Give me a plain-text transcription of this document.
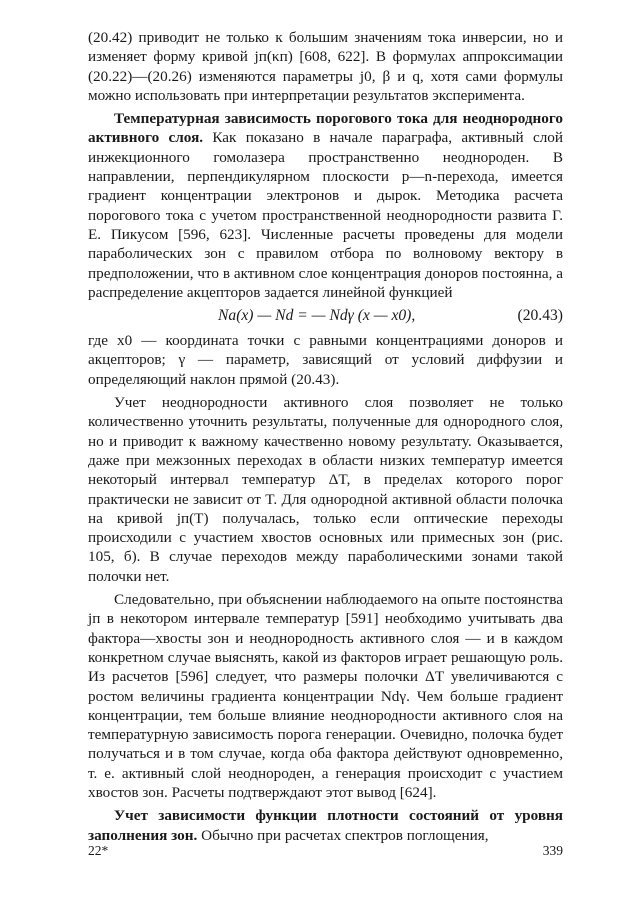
(20.42) приводит не только к большим значениям тока инверсии, но и изменяет форму кривой jп(κп) [608, 622]. В формулах аппроксимации (20.22)—(20.26) изменяются параметры j0, β и q, хотя сами формулы можно использовать при интерпретации результатов эксперимента.

Температурная зависимость порогового тока для неоднородного активного слоя. Как показано в начале параграфа, активный слой инжекционного гомолазера пространственно неоднороден. В направлении, перпендикулярном плоскости p—n-перехода, имеется градиент концентрации электронов и дырок. Методика расчета порогового тока с учетом пространственной неоднородности развита Г. Е. Пикусом [596, 623]. Численные расчеты проведены для модели параболических зон с правилом отбора по волновому вектору в предположении, что в активном слое концентрация доноров постоянна, а распределение акцепторов задается линейной функцией

Na(x) — Nd = — Ndγ (x — x0),	(20.43)

где x0 — координата точки с равными концентрациями доноров и акцепторов; γ — параметр, зависящий от условий диффузии и определяющий наклон прямой (20.43).

Учет неоднородности активного слоя позволяет не только количественно уточнить результаты, полученные для однородного слоя, но и приводит к важному качественно новому результату. Оказывается, даже при межзонных переходах в области низких температур имеется некоторый интервал температур ΔT, в пределах которого порог практически не зависит от T. Для однородной активной области полочка на кривой jп(T) получалась, только если оптические переходы происходили с участием хвостов основных или примесных зон (рис. 105, б). В случае переходов между параболическими зонами такой полочки нет.

Следовательно, при объяснении наблюдаемого на опыте постоянства jп в некотором интервале температур [591] необходимо учитывать два фактора—хвосты зон и неоднородность активного слоя — и в каждом конкретном случае выяснять, какой из факторов играет решающую роль. Из расчетов [596] следует, что размеры полочки ΔT увеличиваются с ростом величины градиента концентрации Ndγ. Чем больше градиент концентрации, тем больше влияние неоднородности активного слоя на температурную зависимость порога генерации. Очевидно, полочка будет получаться и в том случае, когда оба фактора действуют одновременно, т. е. активный слой неоднороден, а генерация происходит с участием хвостов зон. Расчеты подтверждают этот вывод [624].

Учет зависимости функции плотности состояний от уровня заполнения зон. Обычно при расчетах спектров поглощения,

22*	339
